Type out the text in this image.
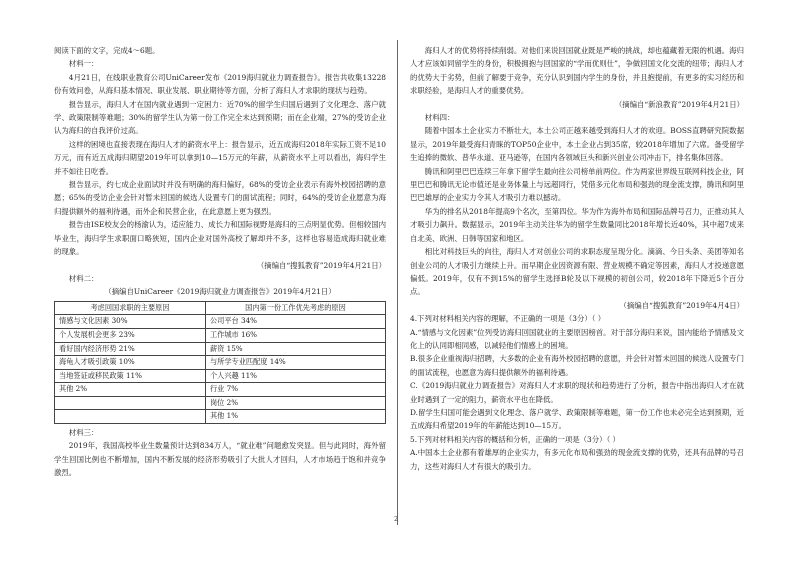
阅读下面的文字，完成4～6题。

材料一：

4月21日，在线职业教育公司UniCareer发布《2019海归就业力调查报告》。报告共收集13228份有效问卷，从海归基本情况、职业发展、职业期待等方面，分析了海归人才求职的现状与趋势。

报告显示，海归人才在国内就业遇到一定困力：近70%的留学生归国后遇到了文化理念、落户就学、政策限制等难题；30%的留学生认为第一份工作完全未达到预期；而在企业端，27%的受访企业认为海归的自我评价过高。

这样的困境也直接表现在海归人才的薪资水平上：报告显示，近五成海归2018年实际工资不足10万元，而有近五成海归期望2019年可以拿到10—15万元的年薪，从薪资水平上可以看出，海归学生并不如往日吃香。

报告显示，约七成企业面试时并没有明确的海归偏好，68%的受访企业表示有海外校园招聘的意愿；65%的受访企业会针对暂未回国的候选人设置专门的面试流程；同时，64%的受访企业愿意为海归提供额外的福利待遇，而外企和民营企业，在此意愿上更为强烈。

报告由ISE校友会的杨渝认为，适应能力、成长力和国际视野是海归的三点明显优势。但相较国内毕业生，海归学生求职面口略狭短，国内企业对国外高校了解却并不多，这样也容易造成海归就业难的现象。

（摘编自“搜狐教育”2019年4月21日）

材料二：

（摘编自UniCareer《2019海归就业力调查报告》2019年4月21日）

考虑回国求职的主要原因	国内第一份工作优先考虑的原因
情感与文化因素 30%	公司平台 34%
个人发展机会更多 23%	工作城市 16%
看好国内经济形势 21%	薪资 15%
海龟人才吸引政策 10%	与所学专业匹配度 14%
当地签证或移民政策 11%	个人兴趣 11%
其他 2%	行业 7%
	岗位 2%
	其他 1%

材料三：

2019年，我国高校毕业生数量预计达到834万人，“就业难”问题愈发突显。但与此同时，海外留学生回国比例也不断增加，国内不断发展的经济形势吸引了大批人才回归，人才市场趋于饱和并竞争激烈。

海归人才的优势将持续削弱。对他们来说回国就业既是严峻的挑战，却也蕴藏着无限的机遇。海归人才应该如同留学生的身份，积极拥抱与回国家的“学而优则仕”，争做回国文化交流的纽带；海归人才的优势大于劣势，但前了解要于竞争，充分认识到国内学生的身份，并且抱提前，有更多的实习经历和求职经验，是海归人才的重要优势。

（摘编自“新浪教育”2019年4月21日）

材料四：

随着中国本土企业实力不断壮大，本土公司正越来越受到海归人才的欢迎。BOSS直聘研究院数据显示，2019年最受海归青睐的TOP50企业中，本土企业占到35席，较2018年增加了六席。备受留学生追捧的微软、普华永道、亚马逊等，在国内各领域巨头和新兴创业公司冲击下，排名集体回落。

腾讯和阿里巴巴连续三年拿下留学生最向往公司榜单前两位。作为两家世界级互联网科技企业，阿里巴巴和腾讯无论市值还是业务体量上与远超同行，凭借多元化布局和强劲的现金流支撑，腾讯和阿里巴巴雄厚的企业实力令其人才吸引力难以撼动。

华为的排名从2018年提高9个名次，至第四位。华为作为海外布局和国际品牌号召力，正推动其人才吸引力飙升。数据显示，2019年主动关注华为的留学生数量同比2018年增长近40%，其中超7成来自北美、欧洲、日韩等国家和地区。

相比对科技巨头的向往，海归人才对创业公司的求职态度呈现分化。滴滴、今日头条、美团等知名创业公司的人才吸引力继续上升。而早期企业因资源有限、营业规模不确定等因素，海归人才投递意愿偏低。2019年，仅有不到15%的留学生选择B轮及以下规模的初创公司，较2018年下降近5个百分点。

（摘编自“搜狐教育”2019年4月4日）

4.下列对材料相关内容的理解，不正确的一项是（3分）（ ）

A.“情感与文化因素”位列受访海归回国就业的主要原因榜首。对于部分海归来说，国内能给予情感及文化上的认同即相同感，以减轻他们情感上的困境。

B.很多企业重视海归招聘，大多数的企业有海外校园招聘的意愿，并会针对暂未回国的候选人设置专门的面试流程，也愿意为海归提供额外的福利待遇。

C.《2019海归就业力调查报告》对海归人才求职的现状和趋势进行了分析，报告中指出海归人才在就业时遇到了一定的阻力，薪资水平也在降低。

D.留学生归国可能会遇到文化理念、落户就学、政策限制等难题，第一份工作也未必完全达到预期，近五成海归希望2019年的年薪能达到10—15万。

5.下列对材料相关内容的概括和分析，正确的一项是（3分）（ ）

A.中国本土企业都有着雄厚的企业实力，有多元化布局和强劲的现金流支撑的优势，还具有品牌的号召力，这些对海归人才有很大的吸引力。

2
